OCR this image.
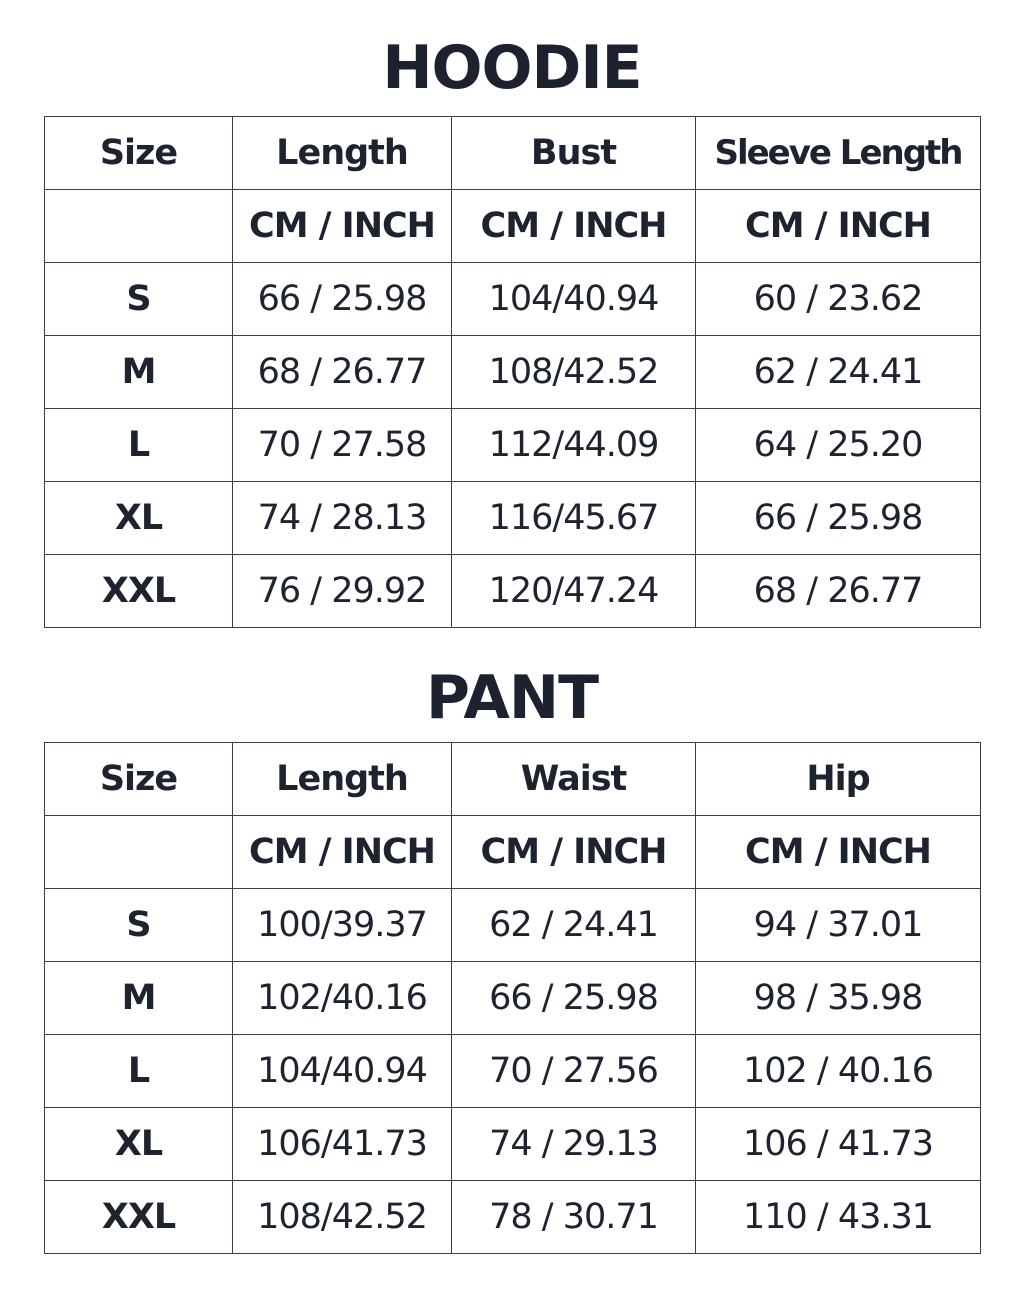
HOODIE
Size	Length	Bust	Sleeve Length
	CM / INCH	CM / INCH	CM / INCH
S	66 / 25.98	104/40.94	60 / 23.62
M	68 / 26.77	108/42.52	62 / 24.41
L	70 / 27.58	112/44.09	64 / 25.20
XL	74 / 28.13	116/45.67	66 / 25.98
XXL	76 / 29.92	120/47.24	68 / 26.77
PANT
Size	Length	Waist	Hip
	CM / INCH	CM / INCH	CM / INCH
S	100/39.37	62 / 24.41	94 / 37.01
M	102/40.16	66 / 25.98	98 / 35.98
L	104/40.94	70 / 27.56	102 / 40.16
XL	106/41.73	74 / 29.13	106 / 41.73
XXL	108/42.52	78 / 30.71	110 / 43.31
